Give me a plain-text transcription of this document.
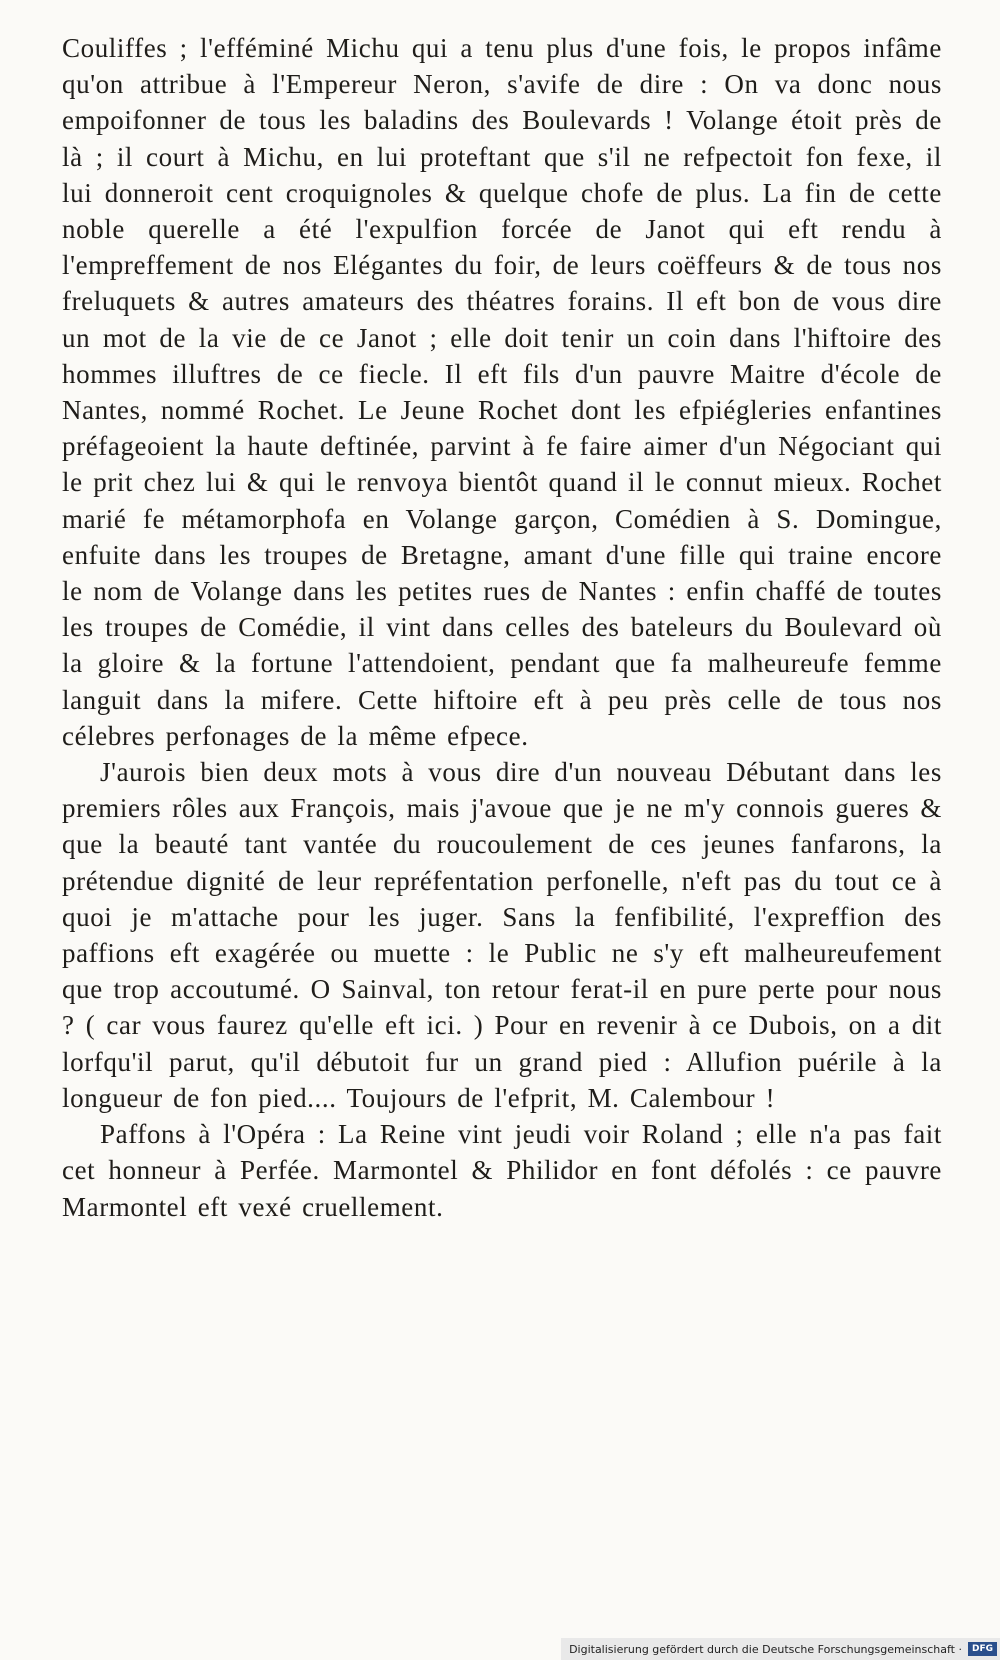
Couliffes ; l'efféminé Michu qui a tenu plus d'une fois, le propos infâme qu'on attribue à l'Empereur Neron, s'avife de dire : On va donc nous empoifonner de tous les baladins des Boulevards ! Volange étoit près de là ; il court à Michu, en lui proteftant que s'il ne refpectoit fon fexe, il lui donneroit cent croquignoles & quelque chofe de plus. La fin de cette noble querelle a été l'expulfion forcée de Janot qui eft rendu à l'empreffement de nos Elégantes du foir, de leurs coëffeurs & de tous nos freluquets & autres amateurs des théatres forains. Il eft bon de vous dire un mot de la vie de ce Janot ; elle doit tenir un coin dans l'hiftoire des hommes illuftres de ce fiecle. Il eft fils d'un pauvre Maitre d'école de Nantes, nommé Rochet. Le Jeune Rochet dont les efpiégleries enfantines préfageoient la haute deftinée, parvint à fe faire aimer d'un Négociant qui le prit chez lui & qui le renvoya bientôt quand il le connut mieux. Rochet marié fe métamorphofa en Volange garçon, Comédien à S. Domingue, enfuite dans les troupes de Bretagne, amant d'une fille qui traine encore le nom de Volange dans les petites rues de Nantes : enfin chaffé de toutes les troupes de Comédie, il vint dans celles des bateleurs du Boulevard où la gloire & la fortune l'attendoient, pendant que fa malheureufe femme languit dans la mifere. Cette hiftoire eft à peu près celle de tous nos célebres perfonages de la même efpece.

J'aurois bien deux mots à vous dire d'un nouveau Débutant dans les premiers rôles aux François, mais j'avoue que je ne m'y connois gueres & que la beauté tant vantée du roucoulement de ces jeunes fanfarons, la prétendue dignité de leur repréfentation perfonelle, n'eft pas du tout ce à quoi je m'attache pour les juger. Sans la fenfibilité, l'expreffion des paffions eft exagérée ou muette : le Public ne s'y eft malheureufement que trop accoutumé. O Sainval, ton retour ferat-il en pure perte pour nous ? ( car vous faurez qu'elle eft ici. ) Pour en revenir à ce Dubois, on a dit lorfqu'il parut, qu'il débutoit fur un grand pied : Allufion puérile à la longueur de fon pied.... Toujours de l'efprit, M. Calembour !

Paffons à l'Opéra : La Reine vint jeudi voir Roland ; elle n'a pas fait cet honneur à Perfée. Marmontel & Philidor en font défolés : ce pauvre Marmontel eft vexé cruellement.

Digitalisierung gefördert durch die Deutsche Forschungsgemeinschaft ·	DFG
